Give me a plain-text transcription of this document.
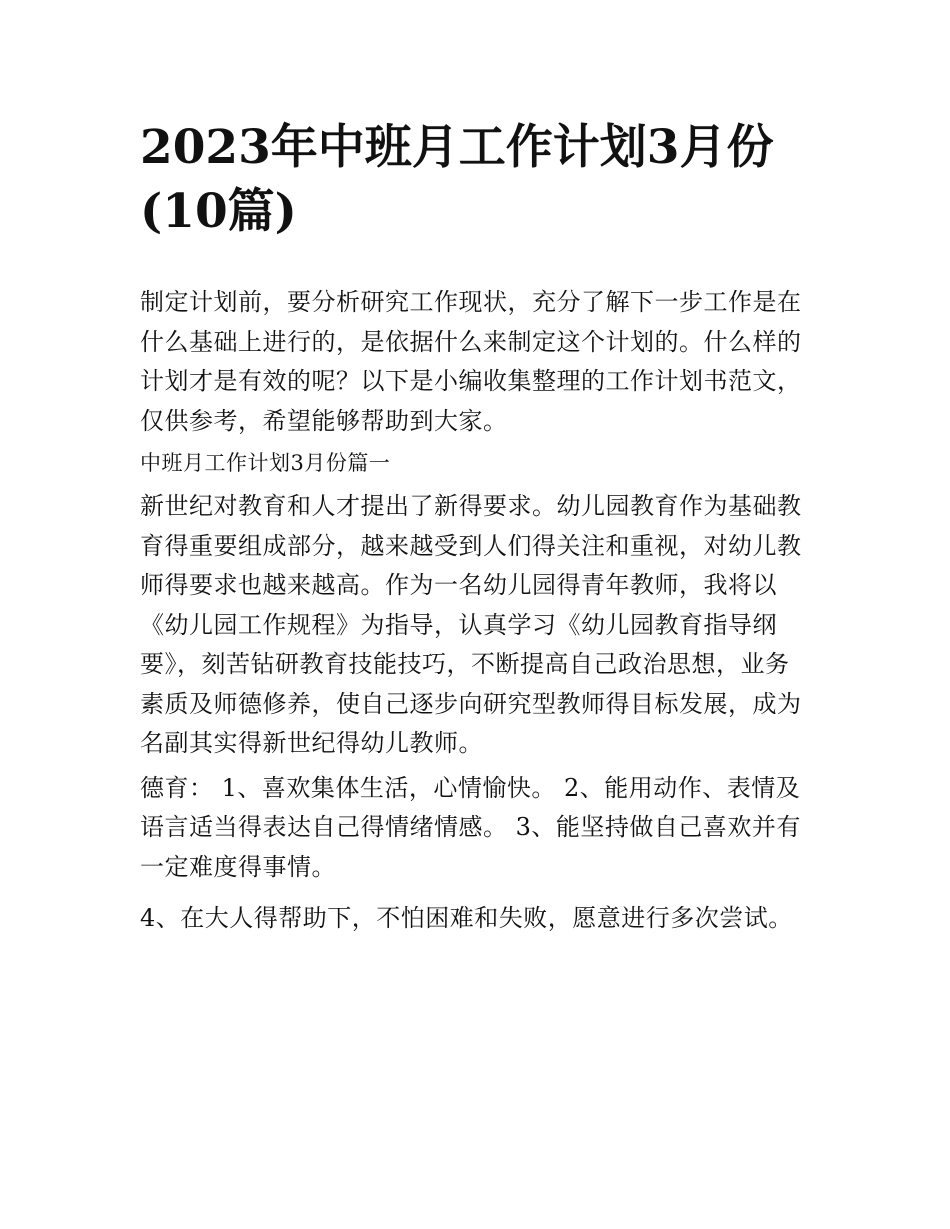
2023年中班月工作计划3月份
(10篇)

制定计划前，要分析研究工作现状，充分了解下一步工作是在
什么基础上进行的，是依据什么来制定这个计划的。什么样的
计划才是有效的呢？以下是小编收集整理的工作计划书范文，
仅供参考，希望能够帮助到大家。

中班月工作计划3月份篇一

新世纪对教育和人才提出了新得要求。幼儿园教育作为基础教
育得重要组成部分，越来越受到人们得关注和重视，对幼儿教
师得要求也越来越高。作为一名幼儿园得青年教师，我将以
《幼儿园工作规程》为指导，认真学习《幼儿园教育指导纲
要》，刻苦钻研教育技能技巧，不断提高自己政治思想，业务
素质及师德修养，使自己逐步向研究型教师得目标发展，成为
名副其实得新世纪得幼儿教师。

德育： 1、喜欢集体生活，心情愉快。 2、能用动作、表情及
语言适当得表达自己得情绪情感。 3、能坚持做自己喜欢并有
一定难度得事情。

4、在大人得帮助下，不怕困难和失败，愿意进行多次尝试。
